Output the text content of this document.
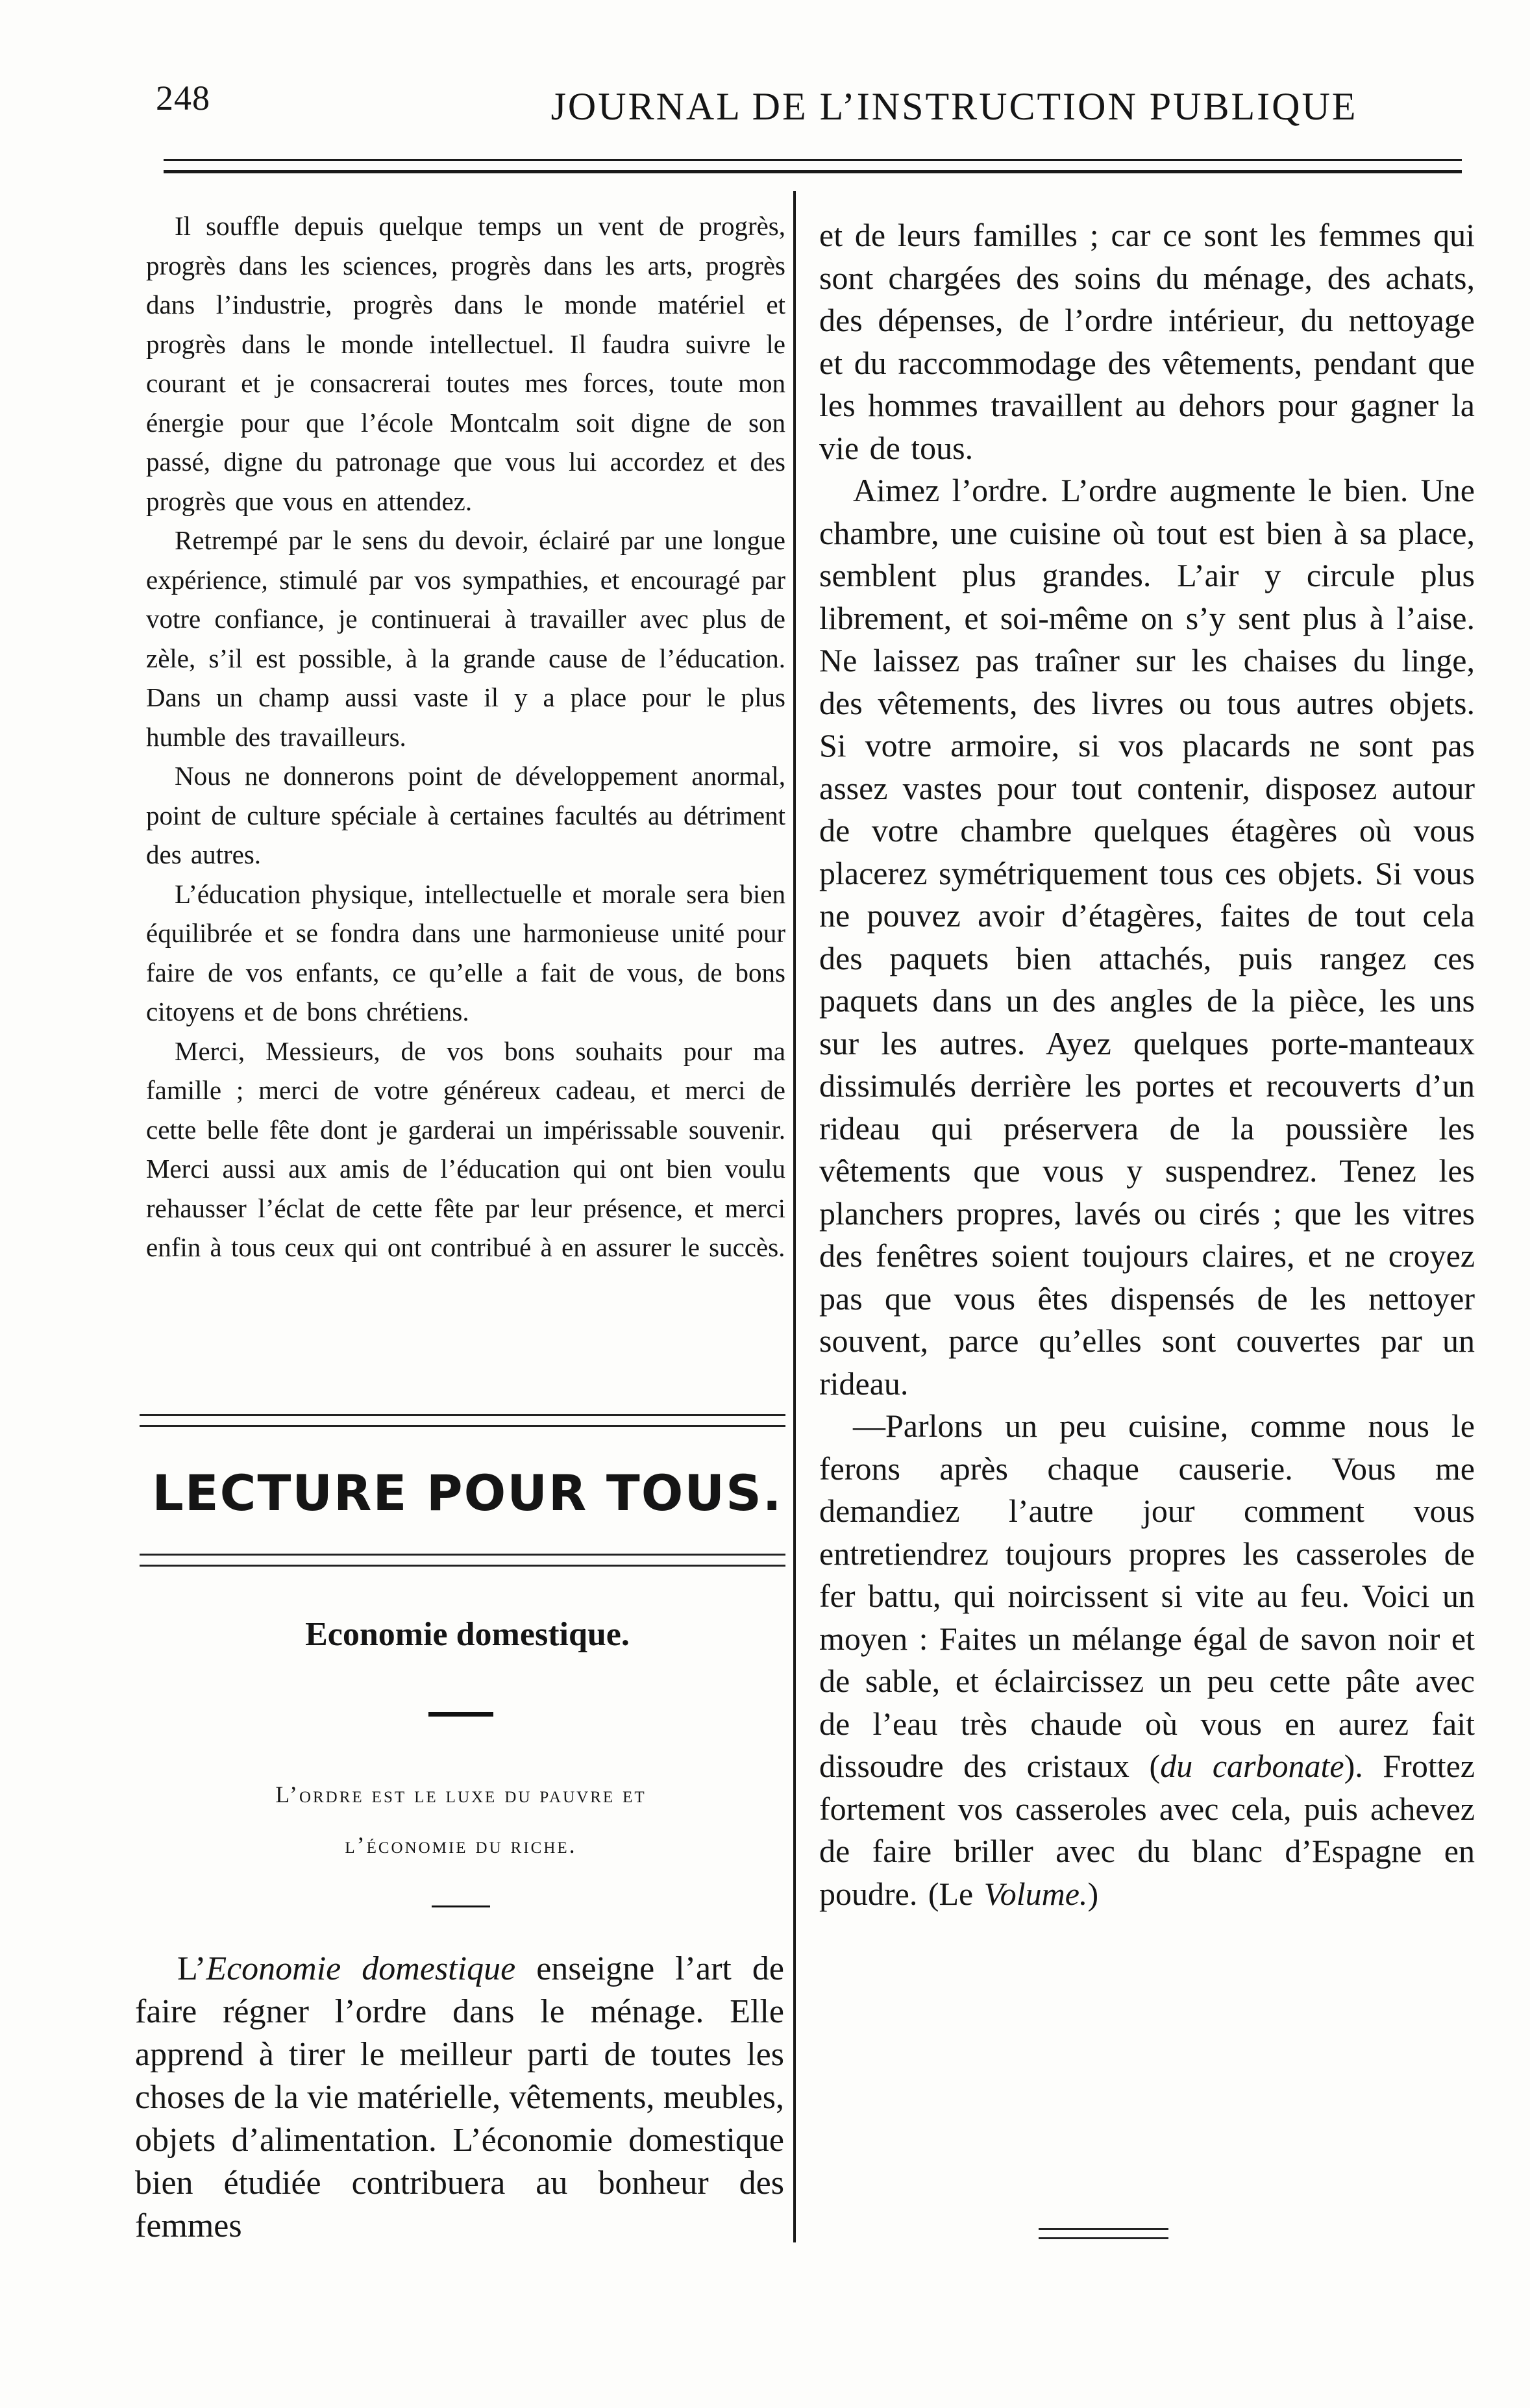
248	JOURNAL DE L’INSTRUCTION PUBLIQUE

Il souffle depuis quelque temps un vent de progrès, progrès dans les sciences, progrès dans les arts, progrès dans l’industrie, progrès dans le monde matériel et progrès dans le monde intellectuel. Il faudra suivre le courant et je consacrerai toutes mes forces, toute mon énergie pour que l’école Montcalm soit digne de son passé, digne du patronage que vous lui accordez et des progrès que vous en attendez.

Retrempé par le sens du devoir, éclairé par une longue expérience, stimulé par vos sympathies, et encouragé par votre confiance, je continuerai à travailler avec plus de zèle, s’il est possible, à la grande cause de l’éducation. Dans un champ aussi vaste il y a place pour le plus humble des travailleurs.

Nous ne donnerons point de développement anormal, point de culture spéciale à certaines facultés au détriment des autres.

L’éducation physique, intellectuelle et morale sera bien équilibrée et se fondra dans une harmonieuse unité pour faire de vos enfants, ce qu’elle a fait de vous, de bons citoyens et de bons chrétiens.

Merci, Messieurs, de vos bons souhaits pour ma famille ; merci de votre généreux cadeau, et merci de cette belle fête dont je garderai un impérissable souvenir. Merci aussi aux amis de l’éducation qui ont bien voulu rehausser l’éclat de cette fête par leur présence, et merci enfin à tous ceux qui ont contribué à en assurer le succès.

LECTURE POUR TOUS.
Economie domestique.
L’ordre est le luxe du pauvre et
l’économie du riche.

L’Economie domestique enseigne l’art de faire régner l’ordre dans le ménage. Elle apprend à tirer le meilleur parti de toutes les choses de la vie matérielle, vêtements, meubles, objets d’alimentation. L’économie domestique bien étudiée contribuera au bonheur des femmes

et de leurs familles ; car ce sont les femmes qui sont chargées des soins du ménage, des achats, des dépenses, de l’ordre intérieur, du nettoyage et du raccommodage des vêtements, pendant que les hommes travaillent au dehors pour gagner la vie de tous.

Aimez l’ordre. L’ordre augmente le bien. Une chambre, une cuisine où tout est bien à sa place, semblent plus grandes. L’air y circule plus librement, et soi-même on s’y sent plus à l’aise. Ne laissez pas traîner sur les chaises du linge, des vêtements, des livres ou tous autres objets. Si votre armoire, si vos placards ne sont pas assez vastes pour tout contenir, disposez autour de votre chambre quelques étagères où vous placerez symétriquement tous ces objets. Si vous ne pouvez avoir d’étagères, faites de tout cela des paquets bien attachés, puis rangez ces paquets dans un des angles de la pièce, les uns sur les autres. Ayez quelques porte-manteaux dissimulés derrière les portes et recouverts d’un rideau qui préservera de la poussière les vêtements que vous y suspendrez. Tenez les planchers propres, lavés ou cirés ; que les vitres des fenêtres soient toujours claires, et ne croyez pas que vous êtes dispensés de les nettoyer souvent, parce qu’elles sont couvertes par un rideau.

—Parlons un peu cuisine, comme nous le ferons après chaque causerie. Vous me demandiez l’autre jour comment vous entretiendrez toujours propres les casseroles de fer battu, qui noircissent si vite au feu. Voici un moyen : Faites un mélange égal de savon noir et de sable, et éclaircissez un peu cette pâte avec de l’eau très chaude où vous en aurez fait dissoudre des cristaux (du carbonate). Frottez fortement vos casseroles avec cela, puis achevez de faire briller avec du blanc d’Espagne en poudre. (Le Volume.)
